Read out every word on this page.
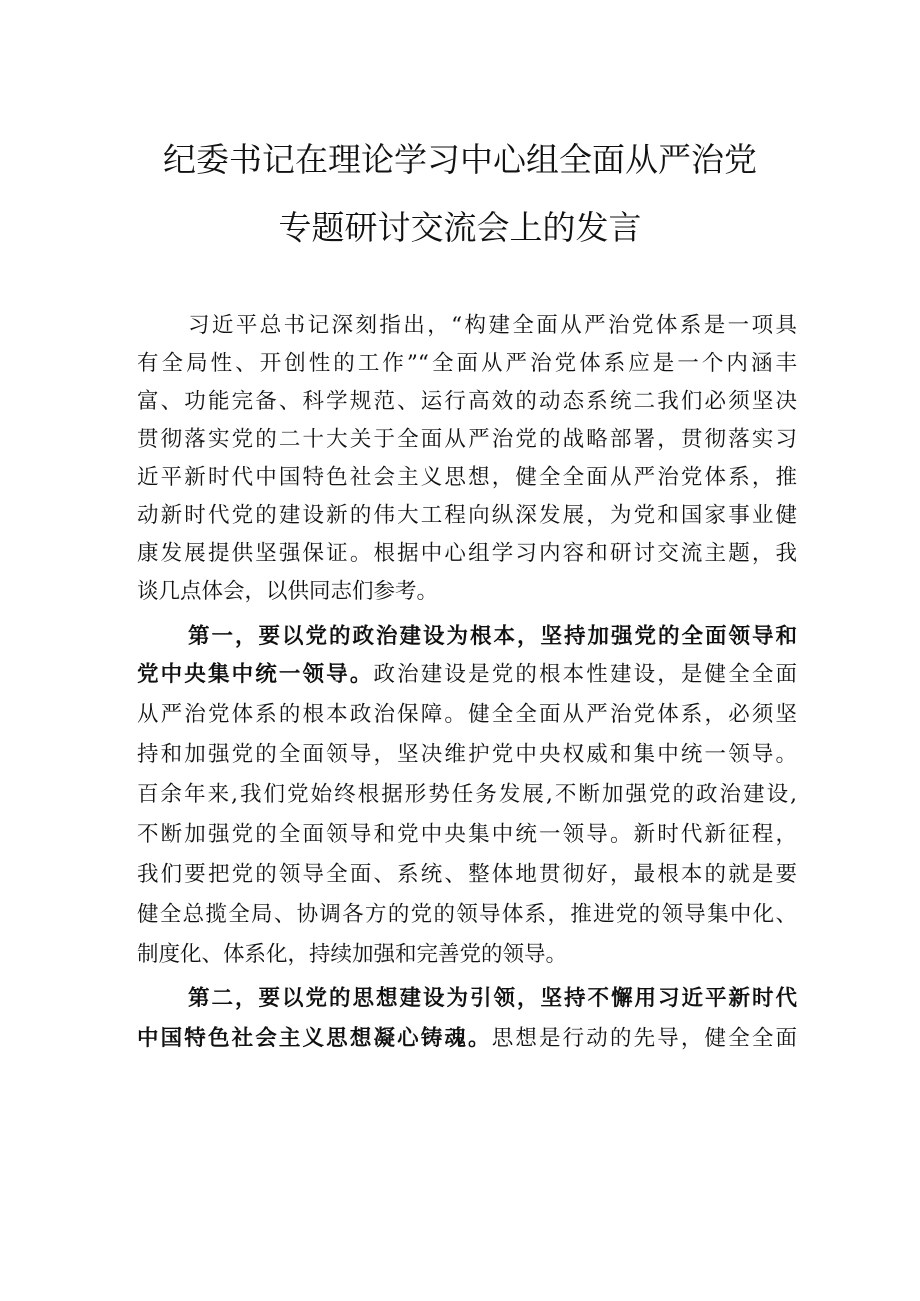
纪委书记在理论学习中心组全面从严治党
专题研讨交流会上的发言
习近平总书记深刻指出，“构建全面从严治党体系是一项具
有全局性、开创性的工作”“全面从严治党体系应是一个内涵丰
富、功能完备、科学规范、运行高效的动态系统二我们必须坚决
贯彻落实党的二十大关于全面从严治党的战略部署，贯彻落实习
近平新时代中国特色社会主义思想，健全全面从严治党体系，推
动新时代党的建设新的伟大工程向纵深发展，为党和国家事业健
康发展提供坚强保证。根据中心组学习内容和研讨交流主题，我
谈几点体会，以供同志们参考。
第一，要以党的政治建设为根本，坚持加强党的全面领导和
党中央集中统一领导。政治建设是党的根本性建设，是健全全面
从严治党体系的根本政治保障。健全全面从严治党体系，必须坚
持和加强党的全面领导，坚决维护党中央权威和集中统一领导。
百余年来,我们党始终根据形势任务发展,不断加强党的政治建设,
不断加强党的全面领导和党中央集中统一领导。新时代新征程，
我们要把党的领导全面、系统、整体地贯彻好，最根本的就是要
健全总揽全局、协调各方的党的领导体系，推进党的领导集中化、
制度化、体系化，持续加强和完善党的领导。
第二，要以党的思想建设为引领，坚持不懈用习近平新时代
中国特色社会主义思想凝心铸魂。思想是行动的先导，健全全面
